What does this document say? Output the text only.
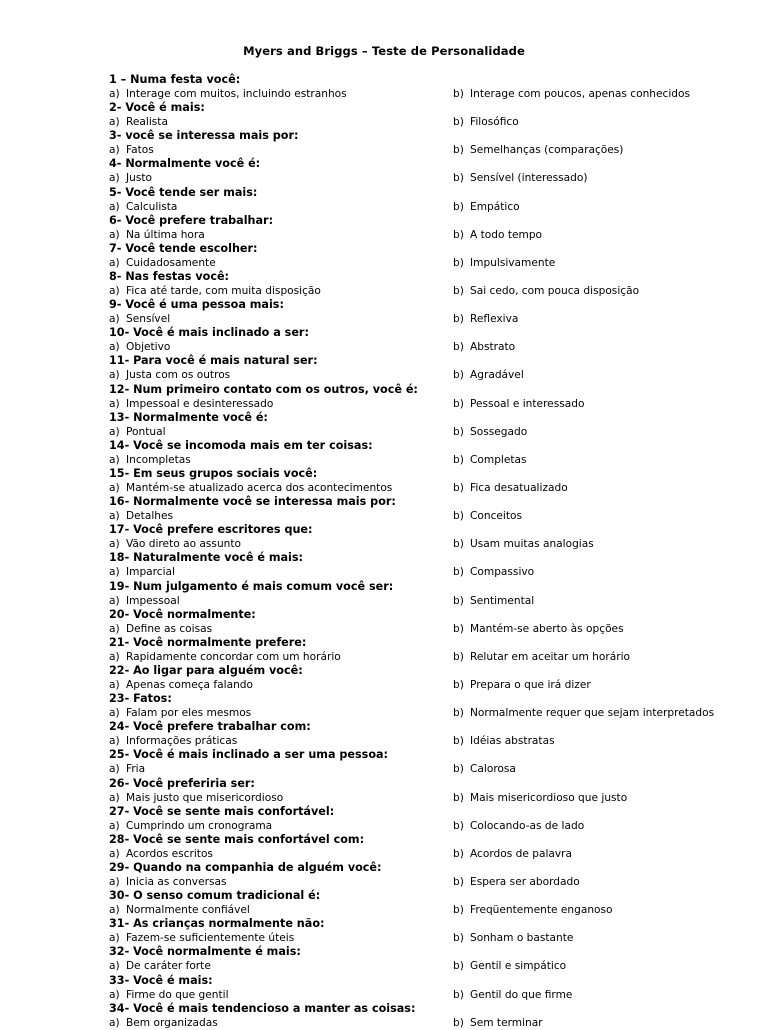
Myers and Briggs – Teste de Personalidade
1 – Numa festa você:
a) Interage com muitos, incluindo estranhos	b) Interage com poucos, apenas conhecidos
2- Você é mais:
a) Realista	b) Filosófico
3- você se interessa mais por:
a) Fatos	b) Semelhanças (comparações)
4- Normalmente você é:
a) Justo	b) Sensível (interessado)
5- Você tende ser mais:
a) Calculista	b) Empático
6- Você prefere trabalhar:
a) Na última hora	b) A todo tempo
7- Você tende escolher:
a) Cuidadosamente	b) Impulsivamente
8- Nas festas você:
a) Fica até tarde, com muita disposição	b) Sai cedo, com pouca disposição
9- Você é uma pessoa mais:
a) Sensível	b) Reflexiva
10- Você é mais inclinado a ser:
a) Objetivo	b) Abstrato
11- Para você é mais natural ser:
a) Justa com os outros	b) Agradável
12- Num primeiro contato com os outros, você é:
a) Impessoal e desinteressado	b) Pessoal e interessado
13- Normalmente você é:
a) Pontual	b) Sossegado
14- Você se incomoda mais em ter coisas:
a) Incompletas	b) Completas
15- Em seus grupos sociais você:
a) Mantém-se atualizado acerca dos acontecimentos	b) Fica desatualizado
16- Normalmente você se interessa mais por:
a) Detalhes	b) Conceitos
17- Você prefere escritores que:
a) Vão direto ao assunto	b) Usam muitas analogias
18- Naturalmente você é mais:
a) Imparcial	b) Compassivo
19- Num julgamento é mais comum você ser:
a) Impessoal	b) Sentimental
20- Você normalmente:
a) Define as coisas	b) Mantém-se aberto às opções
21- Você normalmente prefere:
a) Rapidamente concordar com um horário	b) Relutar em aceitar um horário
22- Ao ligar para alguém você:
a) Apenas começa falando	b) Prepara o que irá dizer
23- Fatos:
a) Falam por eles mesmos	b) Normalmente requer que sejam interpretados
24- Você prefere trabalhar com:
a) Informações práticas	b) Idéias abstratas
25- Você é mais inclinado a ser uma pessoa:
a) Fria	b) Calorosa
26- Você preferiria ser:
a) Mais justo que misericordioso	b) Mais misericordioso que justo
27- Você se sente mais confortável:
a) Cumprindo um cronograma	b) Colocando-as de lado
28- Você se sente mais confortável com:
a) Acordos escritos	b) Acordos de palavra
29- Quando na companhia de alguém você:
a) Inicia as conversas	b) Espera ser abordado
30- O senso comum tradicional é:
a) Normalmente confiável	b) Freqüentemente enganoso
31- As crianças normalmente não:
a) Fazem-se suficientemente úteis	b) Sonham o bastante
32- Você normalmente é mais:
a) De caráter forte	b) Gentil e simpático
33- Você é mais:
a) Firme do que gentil	b) Gentil do que firme
34- Você é mais tendencioso a manter as coisas:
a) Bem organizadas	b) Sem terminar
